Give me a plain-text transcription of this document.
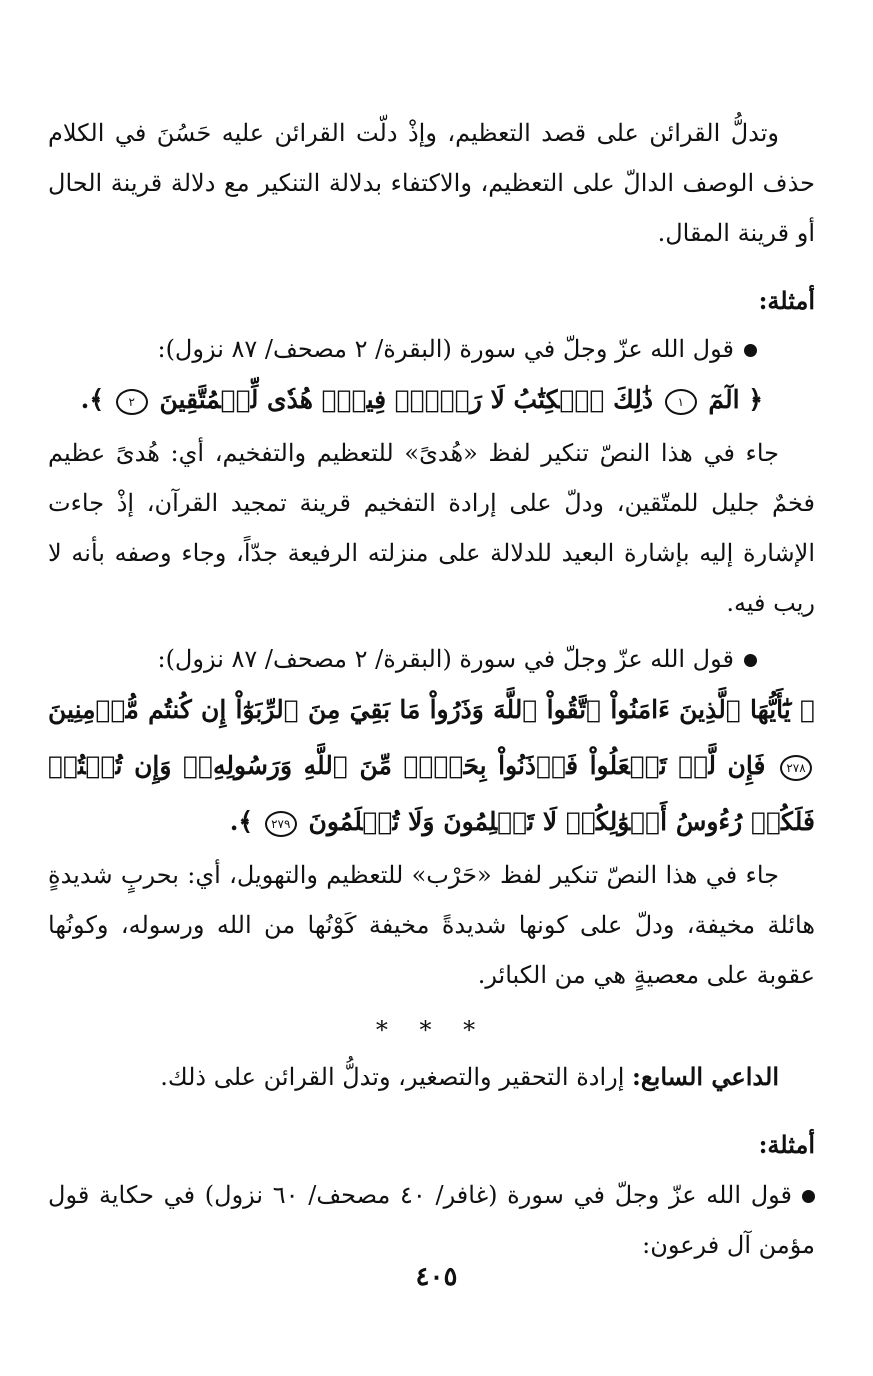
وتدلُّ القرائن على قصد التعظيم، وإذْ دلّت القرائن عليه حَسُنَ في الكلام حذف الوصف الدالّ على التعظيم، والاكتفاء بدلالة التنكير مع دلالة قرينة الحال أو قرينة المقال.

أمثلة:
قول الله عزّ وجلّ في سورة (البقرة/ ٢ مصحف/ ٨٧ نزول):
﴿ الٓمٓ ١ ذَٰلِكَ ٱلۡكِتَٰبُ لَا رَيۡبَۛ فِيهِۛ هُدٗى لِّلۡمُتَّقِينَ ٢ ﴾.

جاء في هذا النصّ تنكير لفظ «هُدىً» للتعظيم والتفخيم، أي: هُدىً عظيم فخمٌ جليل للمتّقين، ودلّ على إرادة التفخيم قرينة تمجيد القرآن، إذْ جاءت الإشارة إليه بإشارة البعيد للدلالة على منزلته الرفيعة جدّاً، وجاء وصفه بأنه لا ريب فيه.

قول الله عزّ وجلّ في سورة (البقرة/ ٢ مصحف/ ٨٧ نزول):
﴿ يَٰٓأَيُّهَا ٱلَّذِينَ ءَامَنُواْ ٱتَّقُواْ ٱللَّهَ وَذَرُواْ مَا بَقِيَ مِنَ ٱلرِّبَوٰٓاْ إِن كُنتُم مُّؤۡمِنِينَ ٢٧٨ فَإِن لَّمۡ تَفۡعَلُواْ فَأۡذَنُواْ بِحَرۡبٖ مِّنَ ٱللَّهِ وَرَسُولِهِۦۖ وَإِن تُبۡتُمۡ فَلَكُمۡ رُءُوسُ أَمۡوَٰلِكُمۡ لَا تَظۡلِمُونَ وَلَا تُظۡلَمُونَ ٢٧٩ ﴾.

جاء في هذا النصّ تنكير لفظ «حَرْب» للتعظيم والتهويل، أي: بحربٍ شديدةٍ هائلة مخيفة، ودلّ على كونها شديدةً مخيفة كَوْنُها من الله ورسوله، وكونُها عقوبة على معصيةٍ هي من الكبائر.

* * *

الداعي السابع: إرادة التحقير والتصغير، وتدلُّ القرائن على ذلك.

أمثلة:

قول الله عزّ وجلّ في سورة (غافر/ ٤٠ مصحف/ ٦٠ نزول) في حكاية قول مؤمن آل فرعون:

٤٠٥
